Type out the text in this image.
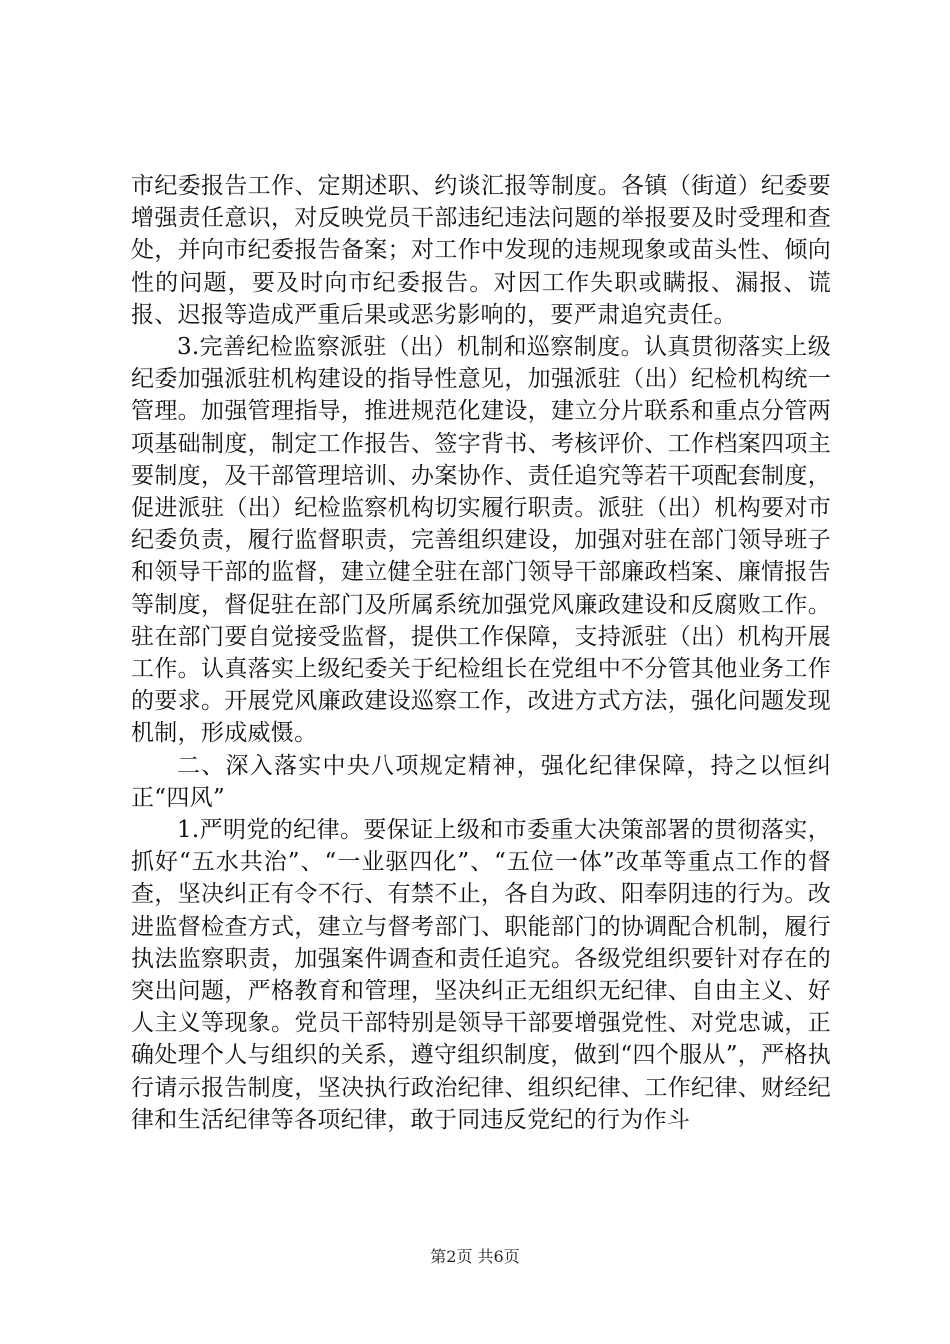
市纪委报告工作、定期述职、约谈汇报等制度。各镇（街道）纪委要增强责任意识，对反映党员干部违纪违法问题的举报要及时受理和查处，并向市纪委报告备案；对工作中发现的违规现象或苗头性、倾向性的问题，要及时向市纪委报告。对因工作失职或瞒报、漏报、谎报、迟报等造成严重后果或恶劣影响的，要严肃追究责任。

3.完善纪检监察派驻（出）机制和巡察制度。认真贯彻落实上级纪委加强派驻机构建设的指导性意见，加强派驻（出）纪检机构统一管理。加强管理指导，推进规范化建设，建立分片联系和重点分管两项基础制度，制定工作报告、签字背书、考核评价、工作档案四项主要制度，及干部管理培训、办案协作、责任追究等若干项配套制度，促进派驻（出）纪检监察机构切实履行职责。派驻（出）机构要对市纪委负责，履行监督职责，完善组织建设，加强对驻在部门领导班子和领导干部的监督，建立健全驻在部门领导干部廉政档案、廉情报告等制度，督促驻在部门及所属系统加强党风廉政建设和反腐败工作。驻在部门要自觉接受监督，提供工作保障，支持派驻（出）机构开展工作。认真落实上级纪委关于纪检组长在党组中不分管其他业务工作的要求。开展党风廉政建设巡察工作，改进方式方法，强化问题发现机制，形成威慑。

二、深入落实中央八项规定精神，强化纪律保障，持之以恒纠正“四风”

1.严明党的纪律。要保证上级和市委重大决策部署的贯彻落实，抓好“五水共治”、“一业驱四化”、“五位一体”改革等重点工作的督查，坚决纠正有令不行、有禁不止，各自为政、阳奉阴违的行为。改进监督检查方式，建立与督考部门、职能部门的协调配合机制，履行执法监察职责，加强案件调查和责任追究。各级党组织要针对存在的突出问题，严格教育和管理，坚决纠正无组织无纪律、自由主义、好人主义等现象。党员干部特别是领导干部要增强党性、对党忠诚，正确处理个人与组织的关系，遵守组织制度，做到“四个服从”，严格执行请示报告制度，坚决执行政治纪律、组织纪律、工作纪律、财经纪律和生活纪律等各项纪律，敢于同违反党纪的行为作斗

第2页 共6页
